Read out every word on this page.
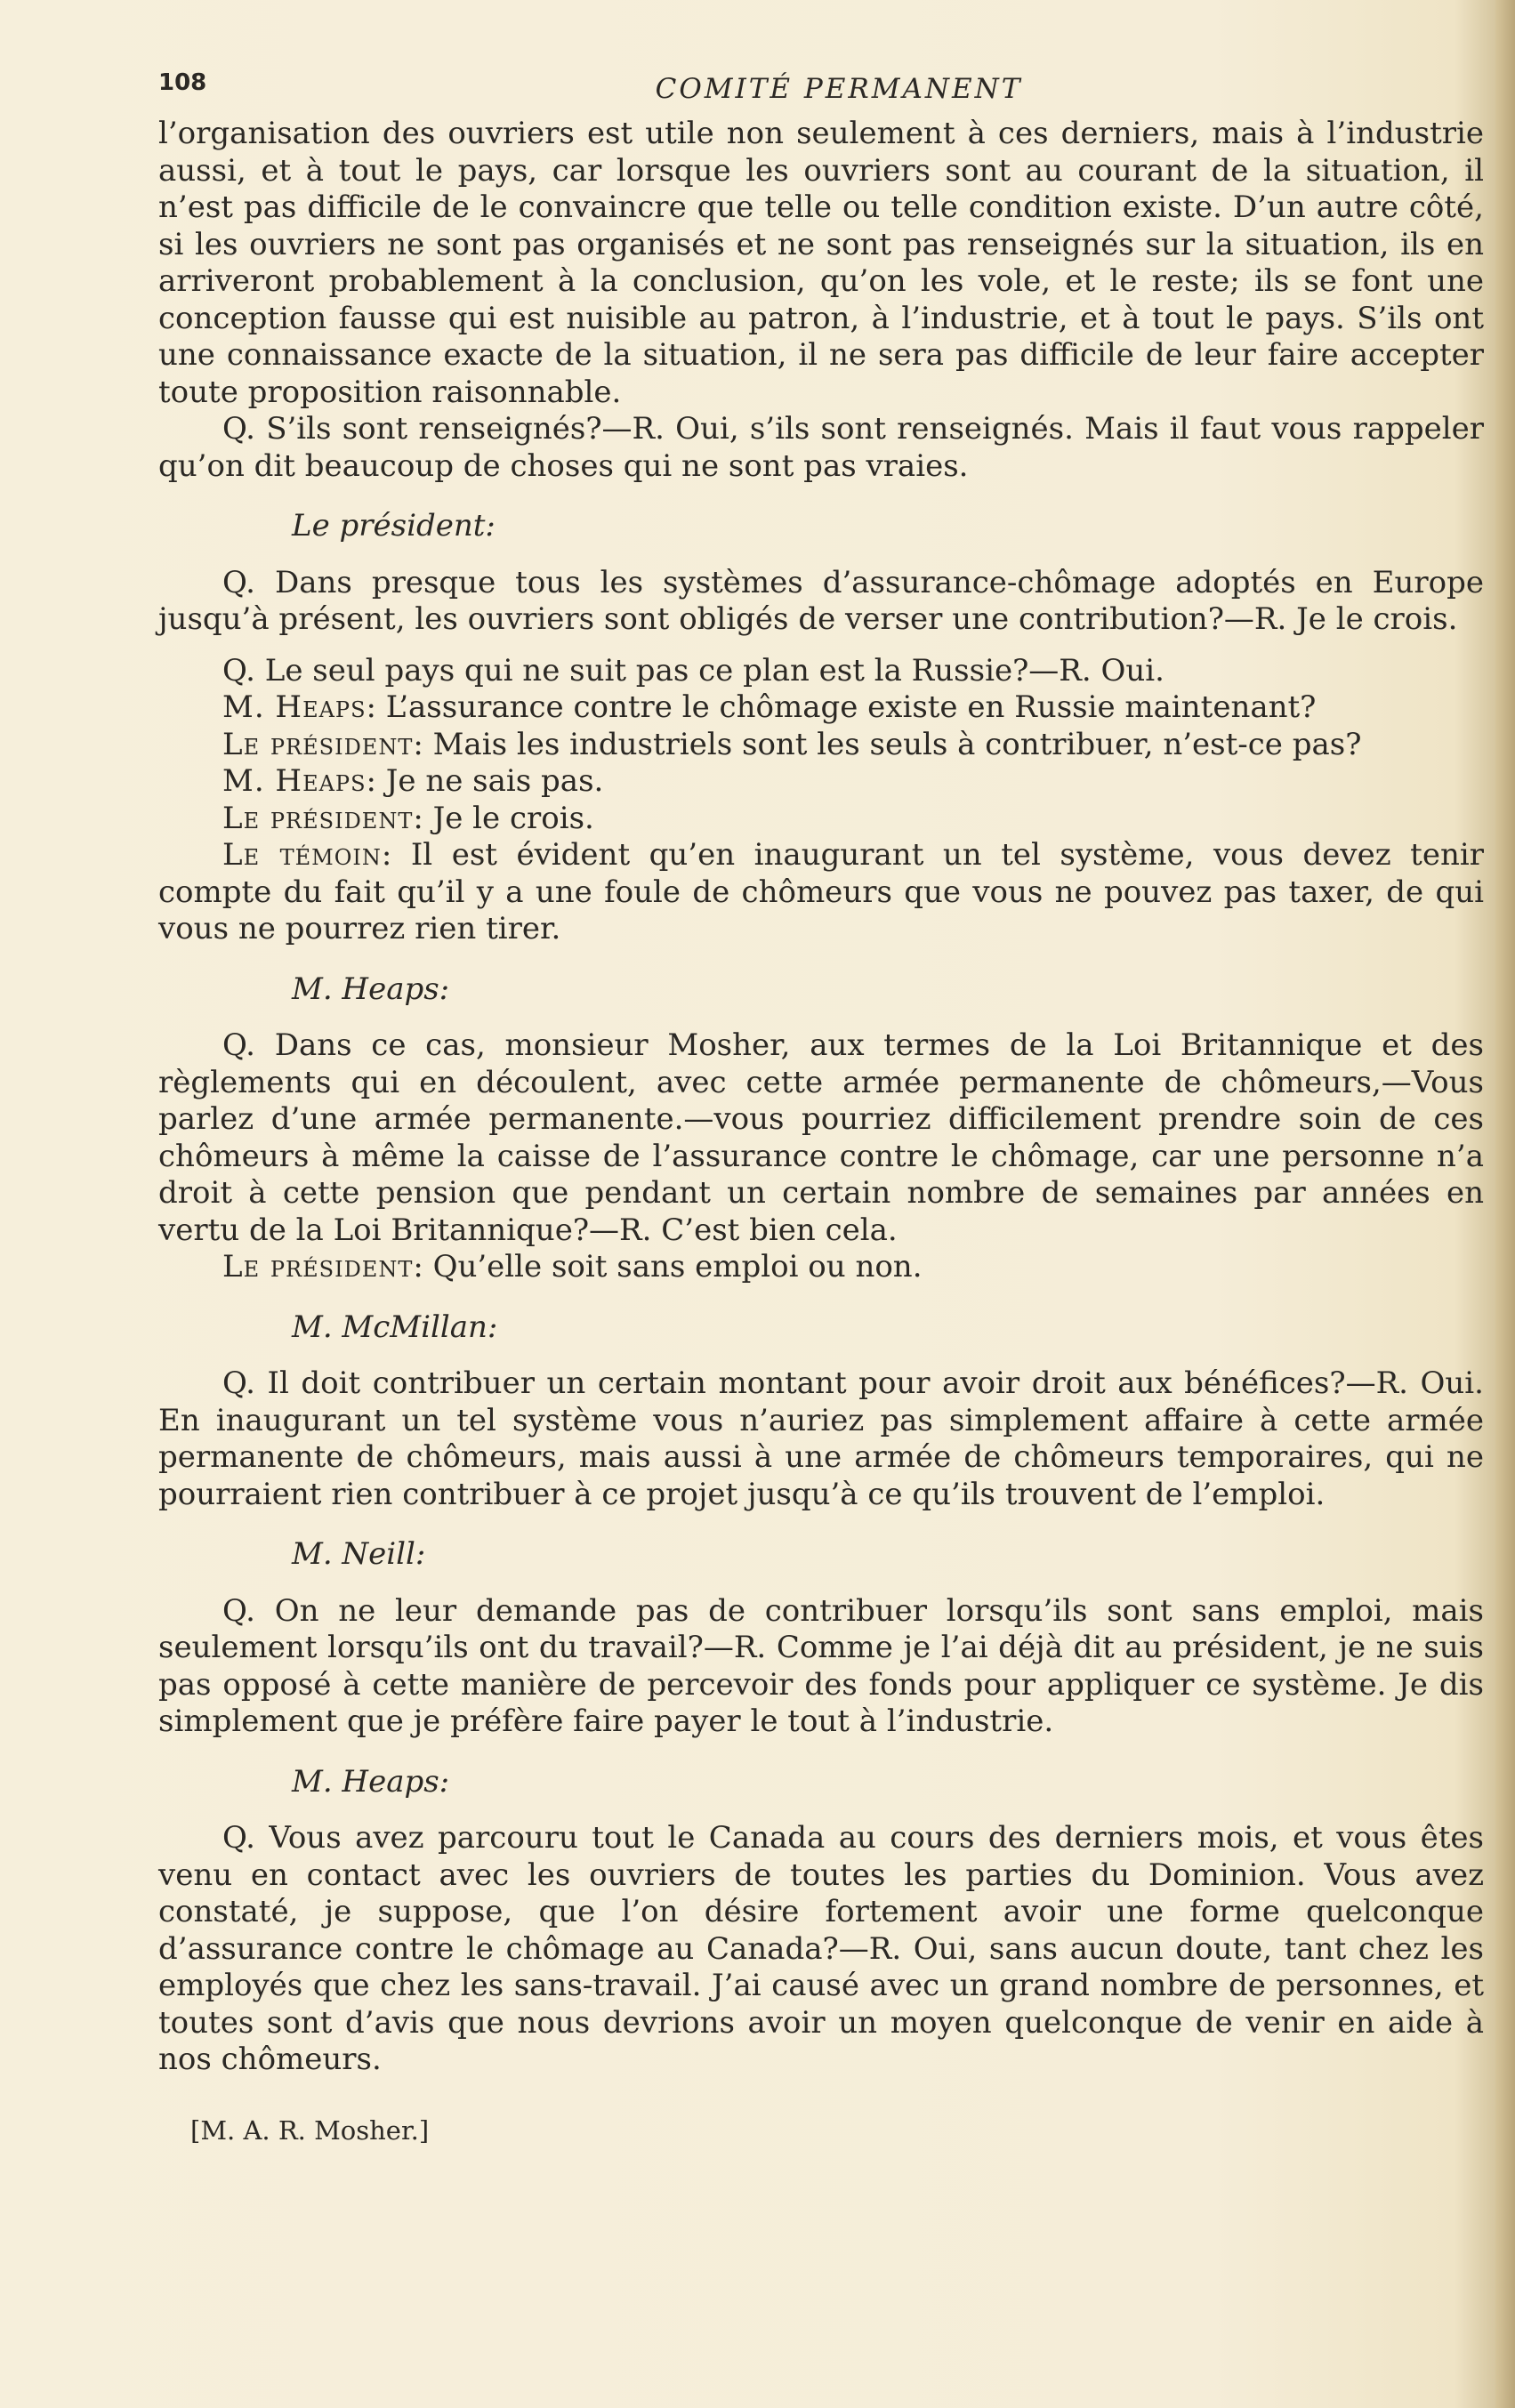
108	COMITÉ PERMANENT

l’organisation des ouvriers est utile non seulement à ces derniers, mais à l’industrie aussi, et à tout le pays, car lorsque les ouvriers sont au courant de la situation, il n’est pas difficile de le convaincre que telle ou telle condition existe. D’un autre côté, si les ouvriers ne sont pas organisés et ne sont pas renseignés sur la situation, ils en arriveront probablement à la conclusion, qu’on les vole, et le reste; ils se font une conception fausse qui est nuisible au patron, à l’industrie, et à tout le pays. S’ils ont une connaissance exacte de la situation, il ne sera pas difficile de leur faire accepter toute proposition raisonnable.

Q. S’ils sont renseignés?—R. Oui, s’ils sont renseignés. Mais il faut vous rappeler qu’on dit beaucoup de choses qui ne sont pas vraies.

Le président:

Q. Dans presque tous les systèmes d’assurance-chômage adoptés en Europe jusqu’à présent, les ouvriers sont obligés de verser une contribution?—R. Je le crois.

Q. Le seul pays qui ne suit pas ce plan est la Russie?—R. Oui.

M. Heaps: L’assurance contre le chômage existe en Russie maintenant?

Le président: Mais les industriels sont les seuls à contribuer, n’est-ce pas?

M. Heaps: Je ne sais pas.

Le président: Je le crois.

Le témoin: Il est évident qu’en inaugurant un tel système, vous devez tenir compte du fait qu’il y a une foule de chômeurs que vous ne pouvez pas taxer, de qui vous ne pourrez rien tirer.

M. Heaps:

Q. Dans ce cas, monsieur Mosher, aux termes de la Loi Britannique et des règlements qui en découlent, avec cette armée permanente de chômeurs,—Vous parlez d’une armée permanente.—vous pourriez difficilement prendre soin de ces chômeurs à même la caisse de l’assurance contre le chômage, car une personne n’a droit à cette pension que pendant un certain nombre de semaines par années en vertu de la Loi Britannique?—R. C’est bien cela.

Le président: Qu’elle soit sans emploi ou non.

M. McMillan:

Q. Il doit contribuer un certain montant pour avoir droit aux bénéfices?—R. Oui. En inaugurant un tel système vous n’auriez pas simplement affaire à cette armée permanente de chômeurs, mais aussi à une armée de chômeurs temporaires, qui ne pourraient rien contribuer à ce projet jusqu’à ce qu’ils trouvent de l’emploi.

M. Neill:

Q. On ne leur demande pas de contribuer lorsqu’ils sont sans emploi, mais seulement lorsqu’ils ont du travail?—R. Comme je l’ai déjà dit au président, je ne suis pas opposé à cette manière de percevoir des fonds pour appliquer ce système. Je dis simplement que je préfère faire payer le tout à l’industrie.

M. Heaps:

Q. Vous avez parcouru tout le Canada au cours des derniers mois, et vous êtes venu en contact avec les ouvriers de toutes les parties du Dominion. Vous avez constaté, je suppose, que l’on désire fortement avoir une forme quelconque d’assurance contre le chômage au Canada?—R. Oui, sans aucun doute, tant chez les employés que chez les sans-travail. J’ai causé avec un grand nombre de personnes, et toutes sont d’avis que nous devrions avoir un moyen quelconque de venir en aide à nos chômeurs.

[M. A. R. Mosher.]
